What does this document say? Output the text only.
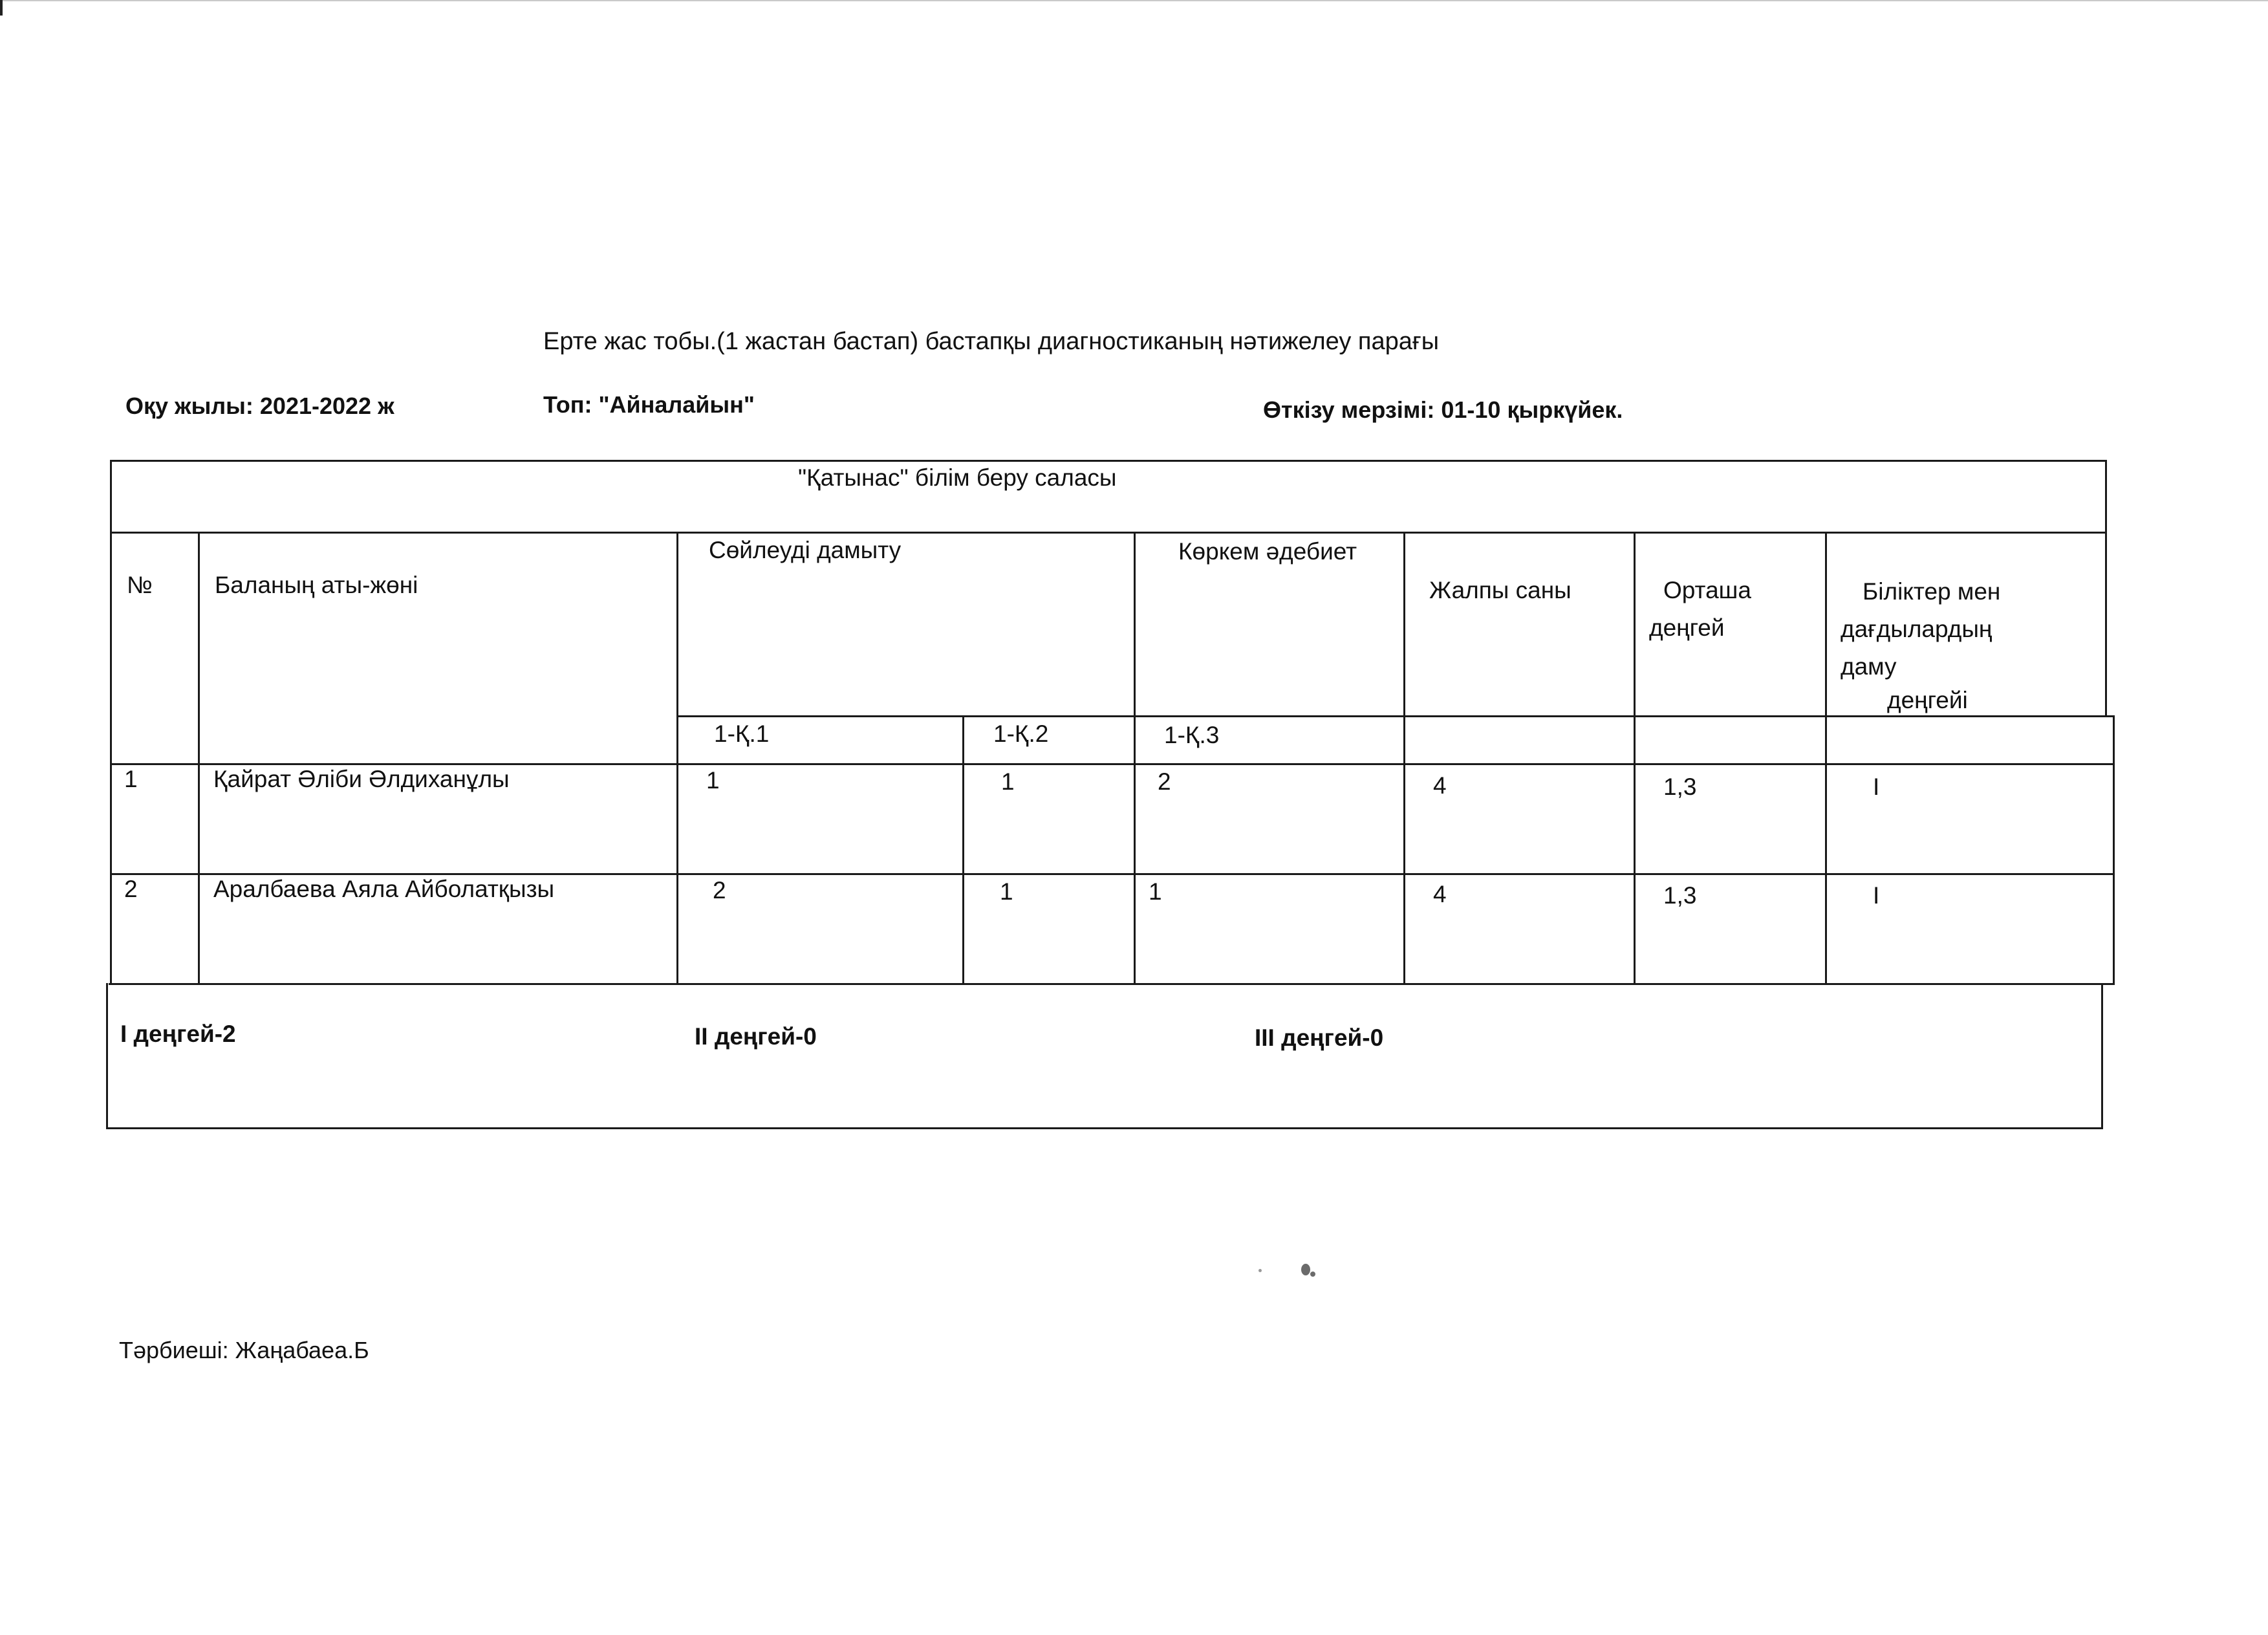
Ерте жас тобы.(1 жастан бастап) бастапқы диагностиканың нәтижелеу парағы
Оқу жылы: 2021-2022 ж	Топ: "Айналайын"	Өткізу мерзімі: 01-10 қыркүйек.
"Қатынас" білім беру саласы
№	Баланың аты-жөні
Сөйлеуді дамыту	Көркем әдебиет
Жалпы саны	Орташа
деңгей
Біліктер мен
дағдылардың
даму
деңгейі
1-Қ.1	1-Қ.2	1-Қ.3
1	Қайрат Әліби Әлдиханұлы	1	1	2	4	1,3	I
2	Аралбаева Аяла Айболатқызы	2	1	1	4	1,3	I
I деңгей-2	II деңгей-0	III деңгей-0
Тәрбиеші: Жаңабаеа.Б
